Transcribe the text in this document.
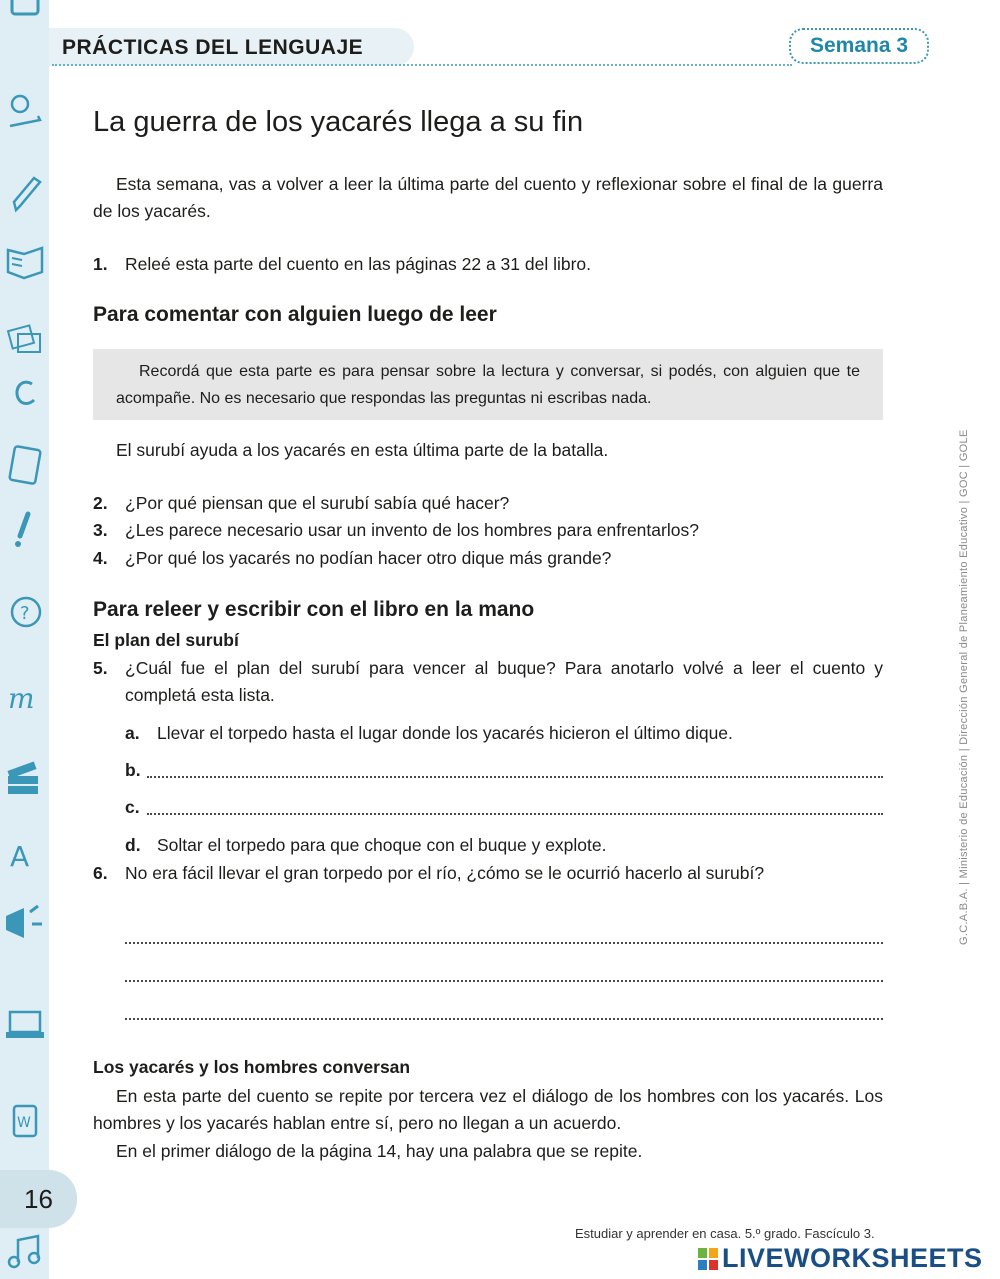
?
m
A
W
16
PRÁCTICAS DEL LENGUAJE	Semana 3
La guerra de los yacarés llega a su fin
Esta semana, vas a volver a leer la última parte del cuento y reflexionar sobre el final de la guerra de los yacarés.
1. Releé esta parte del cuento en las páginas 22 a 31 del libro.
Para comentar con alguien luego de leer
Recordá que esta parte es para pensar sobre la lectura y conversar, si podés, con alguien que te acompañe. No es necesario que respondas las preguntas ni escribas nada.
El surubí ayuda a los yacarés en esta última parte de la batalla.
2. ¿Por qué piensan que el surubí sabía qué hacer?
3. ¿Les parece necesario usar un invento de los hombres para enfrentarlos?
4. ¿Por qué los yacarés no podían hacer otro dique más grande?
Para releer y escribir con el libro en la mano
El plan del surubí
5. ¿Cuál fue el plan del surubí para vencer al buque? Para anotarlo volvé a leer el cuento y completá esta lista.
a. Llevar el torpedo hasta el lugar donde los yacarés hicieron el último dique.
b.
c.
d. Soltar el torpedo para que choque con el buque y explote.
6. No era fácil llevar el gran torpedo por el río, ¿cómo se le ocurrió hacerlo al surubí?
Los yacarés y los hombres conversan
En esta parte del cuento se repite por tercera vez el diálogo de los hombres con los yacarés. Los hombres y los yacarés hablan entre sí, pero no llegan a un acuerdo.
En el primer diálogo de la página 14, hay una palabra que se repite.
G.C.A.B.A. | Ministerio de Educación | Dirección General de Planeamiento Educativo | GOC | GOLE
Estudiar y aprender en casa. 5.º grado. Fascículo 3.
LIVEWORKSHEETS
